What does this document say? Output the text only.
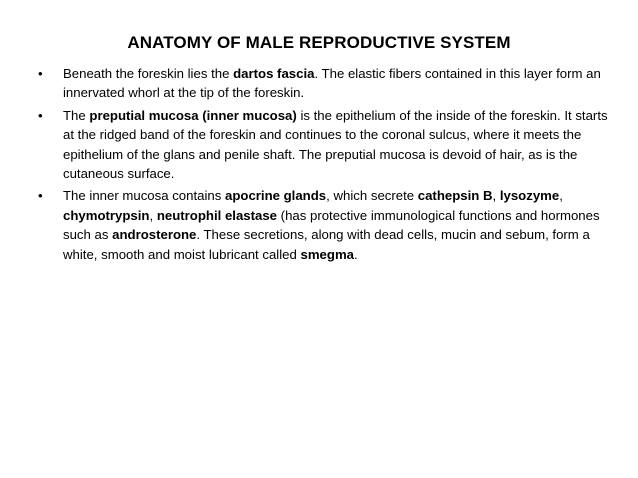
ANATOMY OF MALE REPRODUCTIVE SYSTEM
•	Beneath the foreskin lies the dartos fascia. The elastic fibers contained in this layer form an innervated whorl at the tip of the foreskin.
•	The preputial mucosa (inner mucosa) is the epithelium of the inside of the foreskin. It starts at the ridged band of the foreskin and continues to the coronal sulcus, where it meets the epithelium of the glans and penile shaft. The preputial mucosa is devoid of hair, as is the cutaneous surface.
•	The inner mucosa contains apocrine glands, which secrete cathepsin B, lysozyme, chymotrypsin, neutrophil elastase (has protective immunological functions and hormones such as androsterone. These secretions, along with dead cells, mucin and sebum, form a white, smooth and moist lubricant called smegma.
